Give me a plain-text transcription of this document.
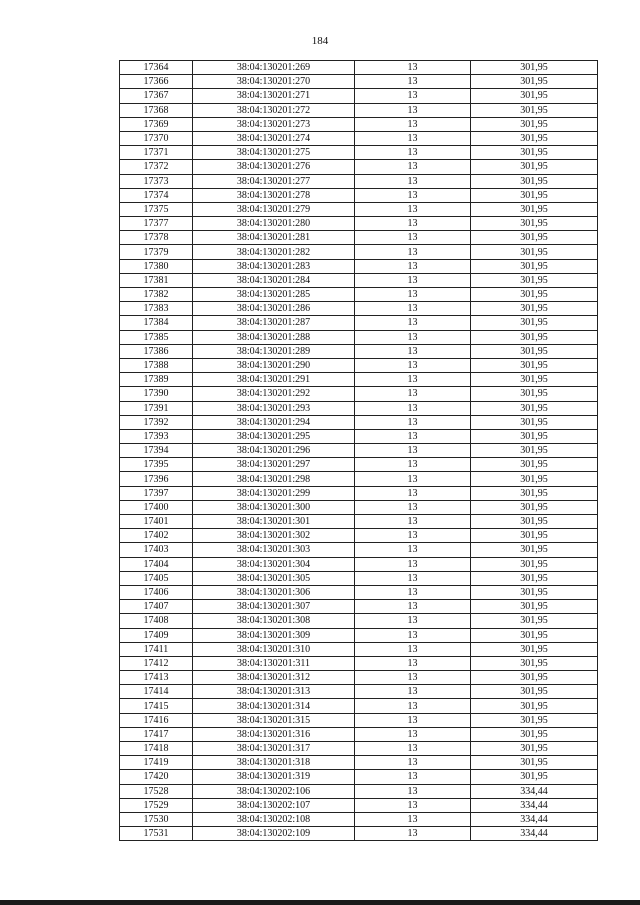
184
17364	38:04:130201:269	13	301,95
17366	38:04:130201:270	13	301,95
17367	38:04:130201:271	13	301,95
17368	38:04:130201:272	13	301,95
17369	38:04:130201:273	13	301,95
17370	38:04:130201:274	13	301,95
17371	38:04:130201:275	13	301,95
17372	38:04:130201:276	13	301,95
17373	38:04:130201:277	13	301,95
17374	38:04:130201:278	13	301,95
17375	38:04:130201:279	13	301,95
17377	38:04:130201:280	13	301,95
17378	38:04:130201:281	13	301,95
17379	38:04:130201:282	13	301,95
17380	38:04:130201:283	13	301,95
17381	38:04:130201:284	13	301,95
17382	38:04:130201:285	13	301,95
17383	38:04:130201:286	13	301,95
17384	38:04:130201:287	13	301,95
17385	38:04:130201:288	13	301,95
17386	38:04:130201:289	13	301,95
17388	38:04:130201:290	13	301,95
17389	38:04:130201:291	13	301,95
17390	38:04:130201:292	13	301,95
17391	38:04:130201:293	13	301,95
17392	38:04:130201:294	13	301,95
17393	38:04:130201:295	13	301,95
17394	38:04:130201:296	13	301,95
17395	38:04:130201:297	13	301,95
17396	38:04:130201:298	13	301,95
17397	38:04:130201:299	13	301,95
17400	38:04:130201:300	13	301,95
17401	38:04:130201:301	13	301,95
17402	38:04:130201:302	13	301,95
17403	38:04:130201:303	13	301,95
17404	38:04:130201:304	13	301,95
17405	38:04:130201:305	13	301,95
17406	38:04:130201:306	13	301,95
17407	38:04:130201:307	13	301,95
17408	38:04:130201:308	13	301,95
17409	38:04:130201:309	13	301,95
17411	38:04:130201:310	13	301,95
17412	38:04:130201:311	13	301,95
17413	38:04:130201:312	13	301,95
17414	38:04:130201:313	13	301,95
17415	38:04:130201:314	13	301,95
17416	38:04:130201:315	13	301,95
17417	38:04:130201:316	13	301,95
17418	38:04:130201:317	13	301,95
17419	38:04:130201:318	13	301,95
17420	38:04:130201:319	13	301,95
17528	38:04:130202:106	13	334,44
17529	38:04:130202:107	13	334,44
17530	38:04:130202:108	13	334,44
17531	38:04:130202:109	13	334,44
